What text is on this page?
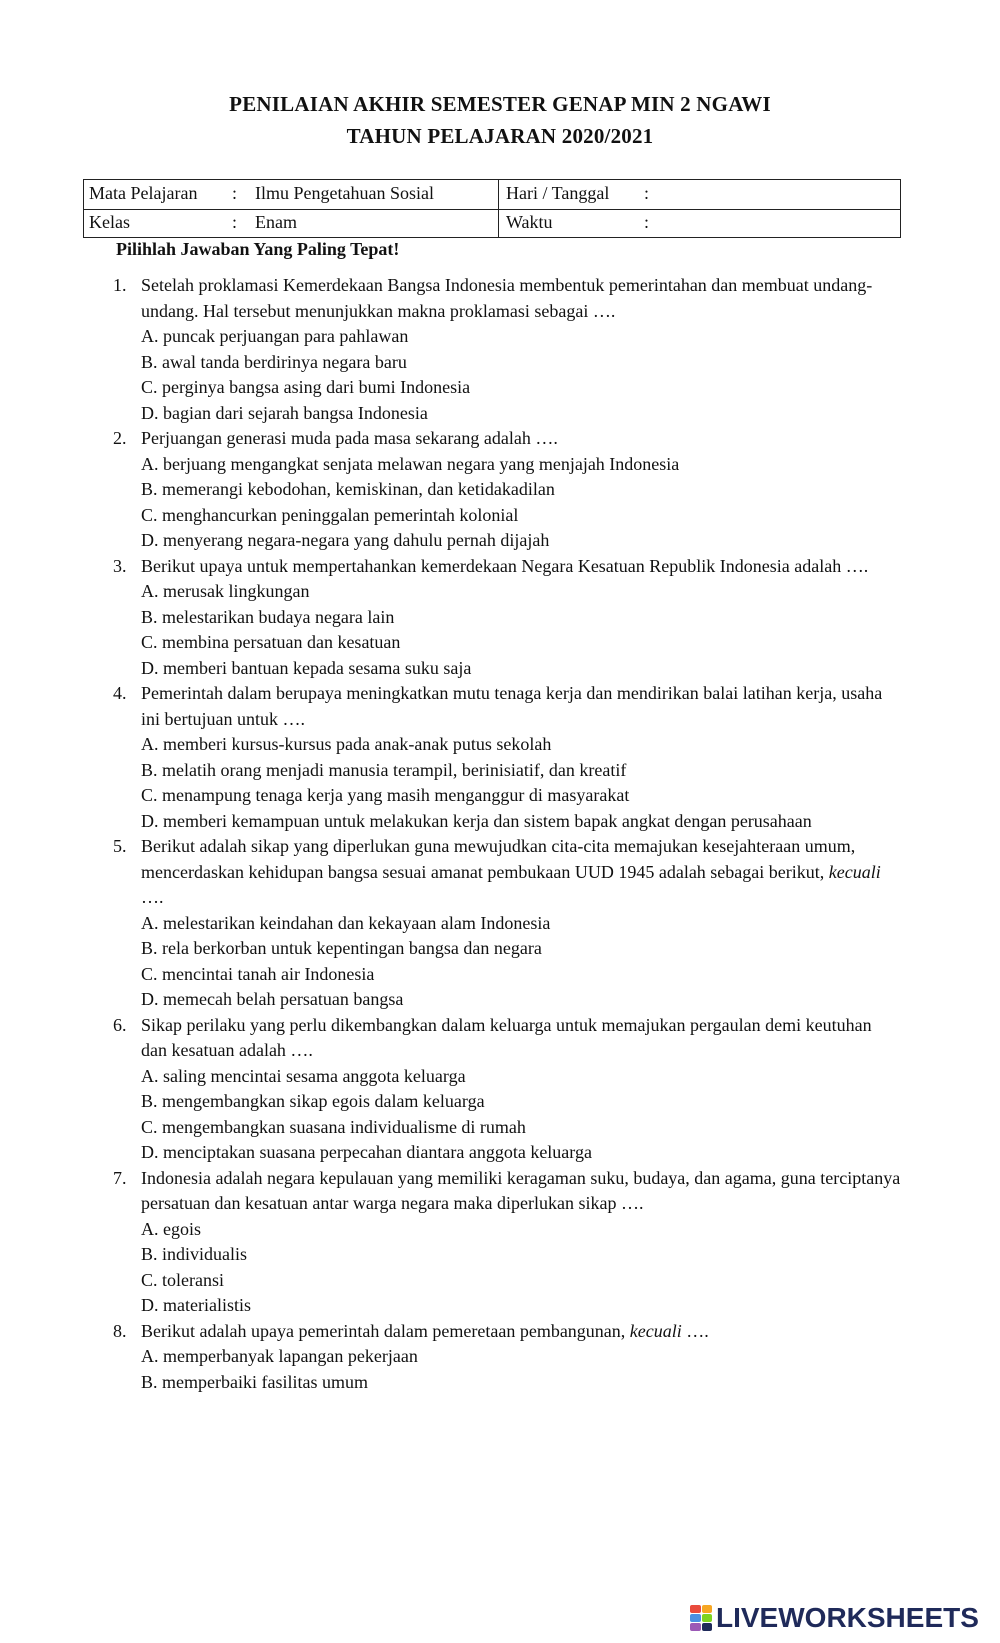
PENILAIAN AKHIR SEMESTER GENAP MIN 2 NGAWI
TAHUN PELAJARAN 2020/2021
Mata Pelajaran : Ilmu Pengetahuan Sosial
Kelas	: Enam
Hari / Tanggal :
Waktu	:
Pilihlah Jawaban Yang Paling Tepat!
1. Setelah proklamasi Kemerdekaan Bangsa Indonesia membentuk pemerintahan dan membuat undang-undang. Hal tersebut menunjukkan makna proklamasi sebagai ….
A. puncak perjuangan para pahlawan
B. awal tanda berdirinya negara baru
C. perginya bangsa asing dari bumi Indonesia
D. bagian dari sejarah bangsa Indonesia
2. Perjuangan generasi muda pada masa sekarang adalah ….
A. berjuang mengangkat senjata melawan negara yang menjajah Indonesia
B. memerangi kebodohan, kemiskinan, dan ketidakadilan
C. menghancurkan peninggalan pemerintah kolonial
D. menyerang negara-negara yang dahulu pernah dijajah
3. Berikut upaya untuk mempertahankan kemerdekaan Negara Kesatuan Republik Indonesia adalah ….
A. merusak lingkungan
B. melestarikan budaya negara lain
C. membina persatuan dan kesatuan
D. memberi bantuan kepada sesama suku saja
4. Pemerintah dalam berupaya meningkatkan mutu tenaga kerja dan mendirikan balai latihan kerja, usaha ini bertujuan untuk ….
A. memberi kursus-kursus pada anak-anak putus sekolah
B. melatih orang menjadi manusia terampil, berinisiatif, dan kreatif
C. menampung tenaga kerja yang masih menganggur di masyarakat
D. memberi kemampuan untuk melakukan kerja dan sistem bapak angkat dengan perusahaan
5. Berikut adalah sikap yang diperlukan guna mewujudkan cita-cita memajukan kesejahteraan umum, mencerdaskan kehidupan bangsa sesuai amanat pembukaan UUD 1945 adalah sebagai berikut, kecuali ….
A. melestarikan keindahan dan kekayaan alam Indonesia
B. rela berkorban untuk kepentingan bangsa dan negara
C. mencintai tanah air Indonesia
D. memecah belah persatuan bangsa
6. Sikap perilaku yang perlu dikembangkan dalam keluarga untuk memajukan pergaulan demi keutuhan dan kesatuan adalah ….
A. saling mencintai sesama anggota keluarga
B. mengembangkan sikap egois dalam keluarga
C. mengembangkan suasana individualisme di rumah
D. menciptakan suasana perpecahan diantara anggota keluarga
7. Indonesia adalah negara kepulauan yang memiliki keragaman suku, budaya, dan agama, guna terciptanya persatuan dan kesatuan antar warga negara maka diperlukan sikap ….
A. egois
B. individualis
C. toleransi
D. materialistis
8. Berikut adalah upaya pemerintah dalam pemeretaan pembangunan, kecuali ….
A. memperbanyak lapangan pekerjaan
B. memperbaiki fasilitas umum
LIVEWORKSHEETS
